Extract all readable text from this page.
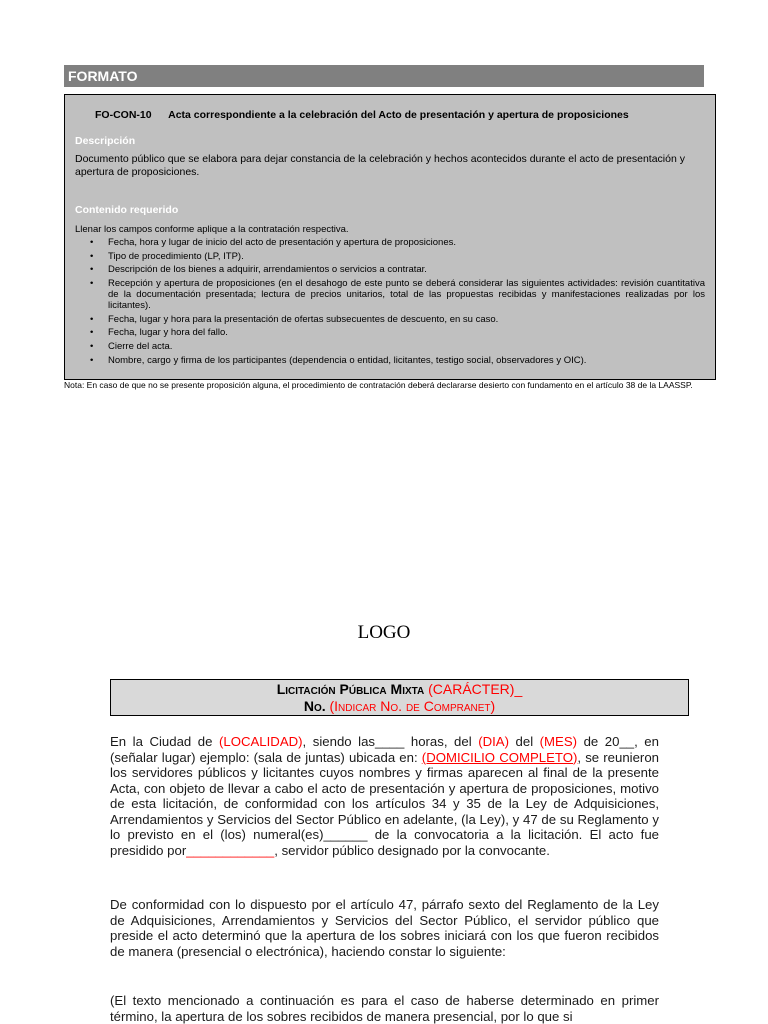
FORMATO
FO-CON-10 Acta correspondiente a la celebración del Acto de presentación y apertura de proposiciones
Descripción
Documento público que se elabora para dejar constancia de la celebración y hechos acontecidos durante el acto de presentación y apertura de proposiciones.
Contenido requerido
Llenar los campos conforme aplique a la contratación respectiva.
• Fecha, hora y lugar de inicio del acto de presentación y apertura de proposiciones.
• Tipo de procedimiento (LP, ITP).
• Descripción de los bienes a adquirir, arrendamientos o servicios a contratar.
• Recepción y apertura de proposiciones (en el desahogo de este punto se deberá considerar las siguientes actividades: revisión cuantitativa de la documentación presentada; lectura de precios unitarios, total de las propuestas recibidas y manifestaciones realizadas por los licitantes).
• Fecha, lugar y hora para la presentación de ofertas subsecuentes de descuento, en su caso.
• Fecha, lugar y hora del fallo.
• Cierre del acta.
• Nombre, cargo y firma de los participantes (dependencia o entidad, licitantes, testigo social, observadores y OIC).
Nota: En caso de que no se presente proposición alguna, el procedimiento de contratación deberá declararse desierto con fundamento en el artículo 38 de la LAASSP.
LOGO
Licitación Pública Mixta (CARÁCTER)_
No. (Indicar No. de Compranet)
En la Ciudad de (LOCALIDAD), siendo las____ horas, del (DIA) del (MES) de 20__, en (señalar lugar) ejemplo: (sala de juntas) ubicada en: (DOMICILIO COMPLETO), se reunieron los servidores públicos y licitantes cuyos nombres y firmas aparecen al final de la presente Acta, con objeto de llevar a cabo el acto de presentación y apertura de proposiciones, motivo de esta licitación, de conformidad con los artículos 34 y 35 de la Ley de Adquisiciones, Arrendamientos y Servicios del Sector Público en adelante, (la Ley), y 47 de su Reglamento y lo previsto en el (los) numeral(es)______ de la convocatoria a la licitación. El acto fue presidido por____________, servidor público designado por la convocante.
De conformidad con lo dispuesto por el artículo 47, párrafo sexto del Reglamento de la Ley de Adquisiciones, Arrendamientos y Servicios del Sector Público, el servidor público que preside el acto determinó que la apertura de los sobres iniciará con los que fueron recibidos de manera (presencial o electrónica), haciendo constar lo siguiente:
(El texto mencionado a continuación es para el caso de haberse determinado en primer término, la apertura de los sobres recibidos de manera presencial, por lo que si
